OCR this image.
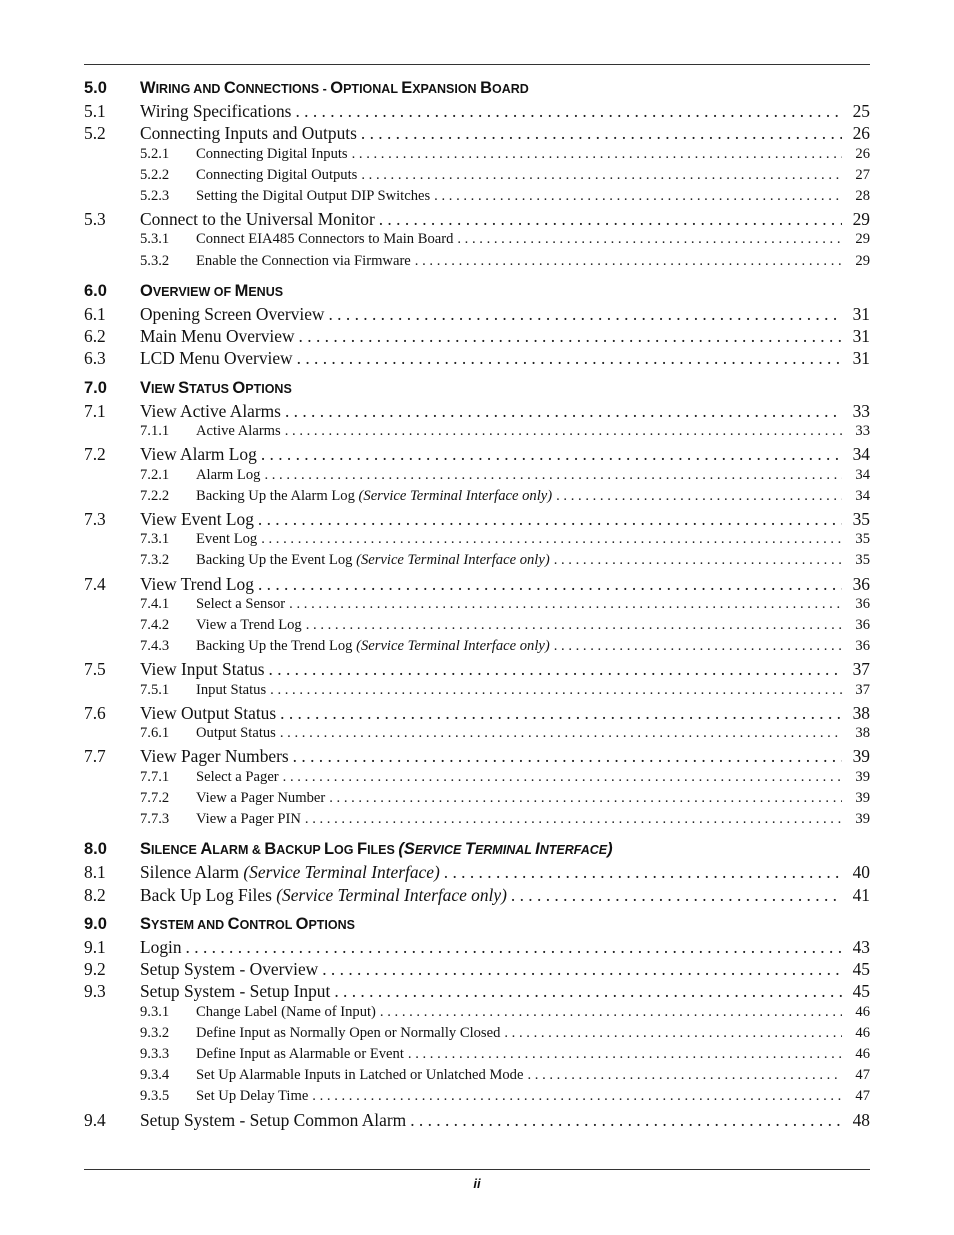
5.0	WIRING AND CONNECTIONS - OPTIONAL EXPANSION BOARD
5.1	Wiring Specifications . . .	25
5.2	Connecting Inputs and Outputs . . .	26
5.2.1	Connecting Digital Inputs . . .	26
5.2.2	Connecting Digital Outputs . . .	27
5.2.3	Setting the Digital Output DIP Switches . . .	28
5.3	Connect to the Universal Monitor . . .	29
5.3.1	Connect EIA485 Connectors to Main Board . . .	29
5.3.2	Enable the Connection via Firmware . . .	29
6.0	OVERVIEW OF MENUS
6.1	Opening Screen Overview . . .	31
6.2	Main Menu Overview . . .	31
6.3	LCD Menu Overview . . .	31
7.0	VIEW STATUS OPTIONS
7.1	View Active Alarms . . .	33
7.1.1	Active Alarms . . .	33
7.2	View Alarm Log . . .	34
7.2.1	Alarm Log . . .	34
7.2.2	Backing Up the Alarm Log (Service Terminal Interface only) . . .	34
7.3	View Event Log . . .	35
7.3.1	Event Log . . .	35
7.3.2	Backing Up the Event Log (Service Terminal Interface only) . . .	35
7.4	View Trend Log . . .	36
7.4.1	Select a Sensor . . .	36
7.4.2	View a Trend Log . . .	36
7.4.3	Backing Up the Trend Log (Service Terminal Interface only) . . .	36
7.5	View Input Status . . .	37
7.5.1	Input Status . . .	37
7.6	View Output Status . . .	38
7.6.1	Output Status . . .	38
7.7	View Pager Numbers . . .	39
7.7.1	Select a Pager . . .	39
7.7.2	View a Pager Number . . .	39
7.7.3	View a Pager PIN . . .	39
8.0	SILENCE ALARM & BACKUP LOG FILES (SERVICE TERMINAL INTERFACE)
8.1	Silence Alarm (Service Terminal Interface) . . .	40
8.2	Back Up Log Files (Service Terminal Interface only) . . .	41
9.0	SYSTEM AND CONTROL OPTIONS
9.1	Login . . .	43
9.2	Setup System - Overview . . .	45
9.3	Setup System - Setup Input . . .	45
9.3.1	Change Label (Name of Input) . . .	46
9.3.2	Define Input as Normally Open or Normally Closed . . .	46
9.3.3	Define Input as Alarmable or Event . . .	46
9.3.4	Set Up Alarmable Inputs in Latched or Unlatched Mode . . .	47
9.3.5	Set Up Delay Time . . .	47
9.4	Setup System - Setup Common Alarm . . .	48
ii
